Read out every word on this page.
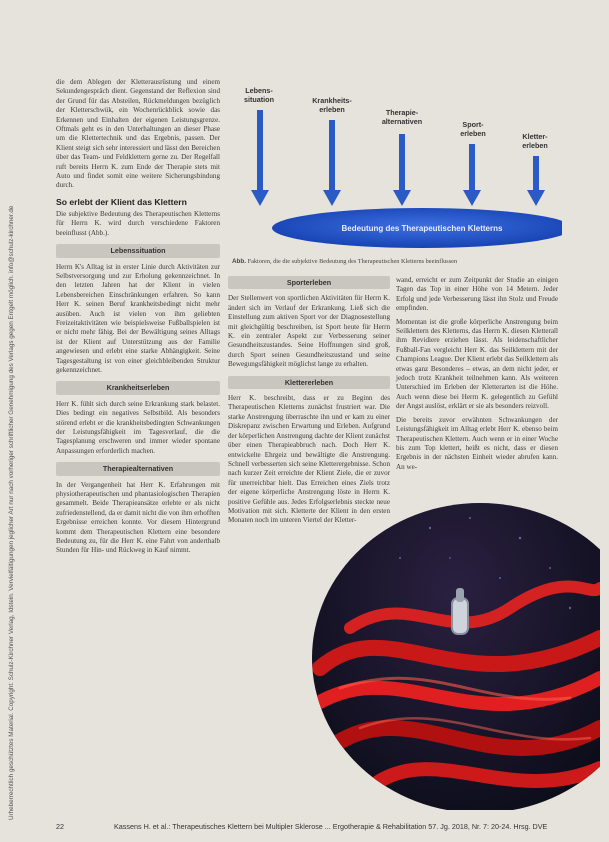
Urheberrechtlich geschütztes Material. Copyright: Schulz-Kirchner Verlag, Idstein. Vervielfältigungen jeglicher Art nur nach vorheriger schriftlicher Genehmigung des Verlags gegen Entgelt möglich. info@schulz-kirchner.de

die dem Ablegen der Kletterausrüstung und einem Sekundengespräch dient. Gegenstand der Reflexion sind der Grund für das Absteilen, Rückmeldungen bezüglich der Kletterschwük, ein Wochenrückblick sowie das Erkennen und Einhalten der eigenen Leistungsgrenze. Oftmals geht es in den Unterhaltungen an dieser Phase um die Klettertechnik und das Ergebnis, passen. Der Klient steigt sich sehr interessiert und lässt den Bereichen über das Team- und Feldklettern gerne zu. Der Regelfall ruft bereits Herrn K. zum Ende der Therapie stets mit Auto und findet somit eine weitere Sicherungsbindung durch.

So erlebt der Klient das Klettern

Die subjektive Bedeutung des Therapeutischen Kletterns für Herrn K. wird durch verschiedene Faktoren beeinflusst (Abb.).

Lebenssituation

Herrn K's Alltag ist in erster Linie durch Aktivitäten zur Selbstversorgung und zur Erholung gekennzeichnet. In den letzten Jahren hat der Klient in vielen Lebensbereichen Einschränkungen erfahren. So kann Herr K. seinen Beruf krankheitsbedingt nicht mehr ausüben. Auch ist vielen von ihm geliebten Freizeitaktivitäten wie beispielsweise Fußballspielen ist er nicht mehr fähig. Bei der Bewältigung seines Alltags ist der Klient auf Unterstützung aus der Familie angewiesen und erlebt eine starke Abhängigkeit. Seine Tagesgestaltung ist von einer gleichbleibenden Struktur gekennzeichnet.

Krankheitserleben

Herr K. fühlt sich durch seine Erkrankung stark belastet. Dies bedingt ein negatives Selbstbild. Als besonders störend erlebt er die krankheitsbedingten Schwankungen der Leistungsfähigkeit im Tagesverlauf, die die Tagesplanung erschweren und immer wieder spontane Anpassungen erforderlich machen.

Therapiealternativen

In der Vergangenheit hat Herr K. Erfahrungen mit physiotherapeutischen und phantasiologischen Therapien gesammelt. Beide Therapieansätze erlebte er als nicht zufriedenstellend, da er damit nicht die von ihm erhofften Ergebnisse erreichen konnte. Vor diesem Hintergrund kommt dem Therapeutischen Klettern eine besondere Bedeutung zu, für die Herr K. eine Fahrt von anderthalb Stunden für Hin- und Rückweg in Kauf nimmt.

Bedeutung des Therapeutischen Kletterns
Lebens-
situation	Krankheits-
erleben	Therapie-
alternativen	Sport-
erleben	Kletter-
erleben
Abb. Faktoren, die die subjektive Bedeutung des Therapeutischen Kletterns beeinflussen
Sporterleben

Der Stellenwert von sportlichen Aktivitäten für Herrn K. ändert sich im Verlauf der Erkrankung. Ließ sich die Einstellung zum aktiven Sport vor der Diagnosestellung mit gleichgültig beschreiben, ist Sport heute für Herrn K. ein zentraler Aspekt zur Verbesserung seiner Gesundheitszustandes. Seine Hoffnungen sind groß, durch Sport seinen Gesundheitszustand und seine Bewegungsfähigkeit möglichst lange zu erhalten.

Klettererleben

Herr K. beschreibt, dass er zu Beginn des Therapeutischen Kletterns zunächst frustriert war. Die starke Anstrengung überraschte ihn und er kam zu einer Diskrepanz zwischen Erwartung und Erleben. Aufgrund der körperlichen Anstrengung dachte der Klient zunächst über einen Therapieabbruch nach. Doch Herr K. entwickelte Ehrgeiz und bewältigte die Anstrengung. Schnell verbesserten sich seine Kletterergebnisse. Schon nach kurzer Zeit erreichte der Klient Ziele, die er zuvor für unerreichbar hielt. Das Erreichen eines Ziels trotz der eigene körperliche Anstrengung löste in Herrn K. positive Gefühle aus. Jedes Erfolgserlebnis steckte neue Motivation mit sich. Kletterte der Klient in den ersten Monaten noch im unteren Viertel der Kletter-

wand, erreicht er zum Zeitpunkt der Studie an einigen Tagen das Top in einer Höhe von 14 Metern. Jeder Erfolg und jede Verbesserung lässt ihn Stolz und Freude empfinden.

Momentan ist die große körperliche Anstrengung beim Seilklettern des Kletterns, das Herrn K. diesen Kletterall ihm Revidiere erziehen lässt. Als leidenschaftlicher Fußball-Fan vergleicht Herr K. das Seilklettern mit der Champions League. Der Klient erlebt das Seilklettern als etwas ganz Besonderes – etwas, an dem nicht jeder, er jedoch trotz Krankheit teilnehmen kann. Als weiteren Unterschied im Erleben der Kletterarten ist die Höhe. Auch wenn diese bei Herrn K. gelegentlich zu Gefühl der Angst auslöst, erklärt er sie als besonders reizvoll.

Die bereits zuvor erwähnten Schwankungen der Leistungsfähigkeit im Alltag erlebt Herr K. ebenso beim Therapeutischen Klettern. Auch wenn er in einer Woche bis zum Top klettert, heißt es nicht, dass er diesen Ergebnis in der nächsten Einheit wieder abrufen kann. An we-

22	Kassens H. et al.: Therapeutisches Klettern bei Multipler Sklerose ... Ergotherapie & Rehabilitation 57. Jg. 2018, Nr. 7: 20-24. Hrsg. DVE
